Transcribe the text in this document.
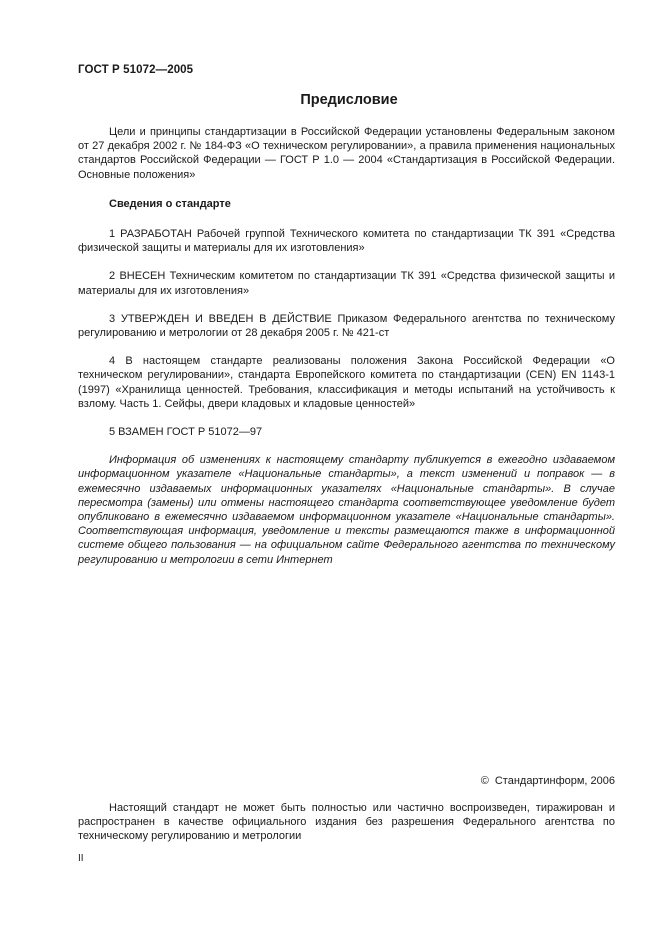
ГОСТ Р 51072—2005
Предисловие

Цели и принципы стандартизации в Российской Федерации установлены Федеральным законом от 27 декабря 2002 г. № 184-ФЗ «О техническом регулировании», а правила применения национальных стандартов Российской Федерации — ГОСТ Р 1.0 — 2004 «Стандартизация в Российской Федерации. Основные положения»

Сведения о стандарте

1 РАЗРАБОТАН Рабочей группой Технического комитета по стандартизации ТК 391 «Средства физической защиты и материалы для их изготовления»

2 ВНЕСЕН Техническим комитетом по стандартизации ТК 391 «Средства физической защиты и материалы для их изготовления»

3 УТВЕРЖДЕН И ВВЕДЕН В ДЕЙСТВИЕ Приказом Федерального агентства по техническому регулированию и метрологии от 28 декабря 2005 г. № 421-ст

4 В настоящем стандарте реализованы положения Закона Российской Федерации «О техническом регулировании», стандарта Европейского комитета по стандартизации (CEN) EN 1143-1 (1997) «Хранилища ценностей. Требования, классификация и методы испытаний на устойчивость к взлому. Часть 1. Сейфы, двери кладовых и кладовые ценностей»

5 ВЗАМЕН ГОСТ Р 51072—97

Информация об изменениях к настоящему стандарту публикуется в ежегодно издаваемом информационном указателе «Национальные стандарты», а текст изменений и поправок — в ежемесячно издаваемых информационных указателях «Национальные стандарты». В случае пересмотра (замены) или отмены настоящего стандарта соответствующее уведомление будет опубликовано в ежемесячно издаваемом информационном указателе «Национальные стандарты». Соответствующая информация, уведомление и тексты размещаются также в информационной системе общего пользования — на официальном сайте Федерального агентства по техническому регулированию и метрологии в сети Интернет

© Стандартинформ, 2006

Настоящий стандарт не может быть полностью или частично воспроизведен, тиражирован и распространен в качестве официального издания без разрешения Федерального агентства по техническому регулированию и метрологии

II
